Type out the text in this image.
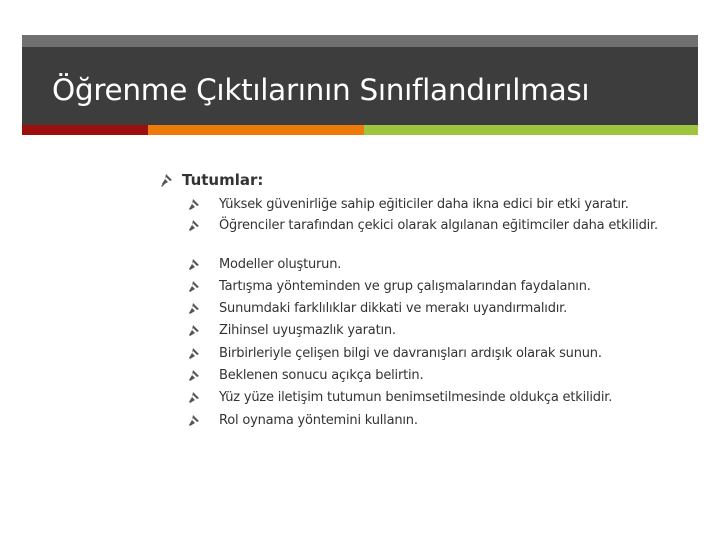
Öğrenme Çıktılarının Sınıflandırılması
Tutumlar:
Yüksek güvenirliğe sahip eğiticiler daha ikna edici bir etki yaratır.
Öğrenciler tarafından çekici olarak algılanan eğitimciler daha etkilidir.
Modeller oluşturun.
Tartışma yönteminden ve grup çalışmalarından faydalanın.
Sunumdaki farklılıklar dikkati ve merakı uyandırmalıdır.
Zihinsel uyuşmazlık yaratın.
Birbirleriyle çelişen bilgi ve davranışları ardışık olarak sunun.
Beklenen sonucu açıkça belirtin.
Yüz yüze iletişim tutumun benimsetilmesinde oldukça etkilidir.
Rol oynama yöntemini kullanın.
